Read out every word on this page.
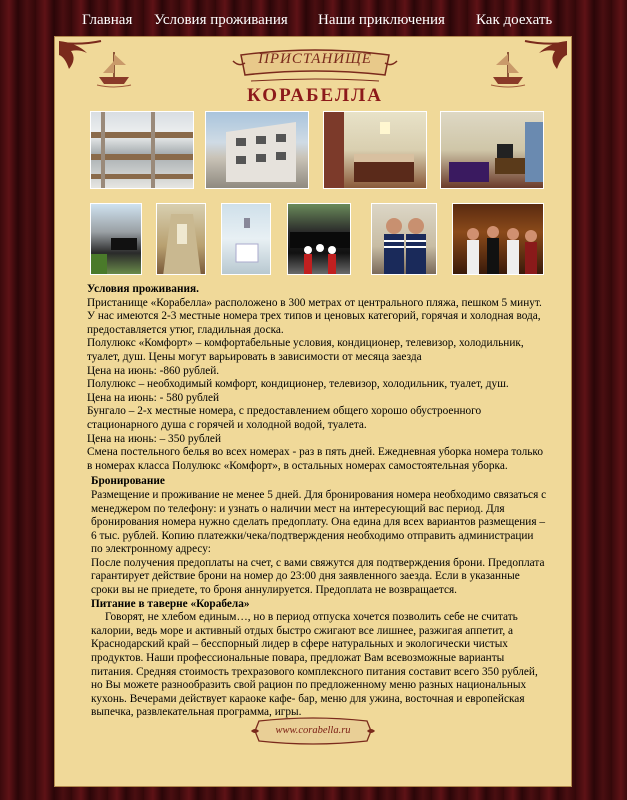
Главная Условия проживания Наши приключения Как доехать
ПРИСТАНИЩЕ
КОРАБЕЛЛА

Условия проживания.

Пристанище «Корабелла» расположено в 300 метрах от центрального пляжа, пешком 5 минут. У нас имеются 2-3 местные номера трех типов и ценовых категорий, горячая и холодная вода, предоставляется утюг, гладильная доска.

Полулюкс «Комфорт» – комфортабельные условия, кондиционер, телевизор, холодильник, туалет, душ. Цены могут варьировать в зависимости от месяца заезда

Цена на июнь: -860 рублей.

Полулюкс – необходимый комфорт, кондиционер, телевизор, холодильник, туалет, душ.

Цена на июнь: - 580 рублей

Бунгало – 2-х местные номера, с предоставлением общего хорошо обустроенного стационарного душа с горячей и холодной водой, туалета.

Цена на июнь: – 350 рублей

Смена постельного белья во всех номерах - раз в пять дней. Ежедневная уборка номера только в номерах класса Полулюкс «Комфорт», в остальных номерах самостоятельная уборка.

Бронирование

Размещение и проживание не менее 5 дней. Для бронирования номера необходимо связаться с менеджером по телефону: и узнать о наличии мест на интересующий вас период. Для бронирования номера нужно сделать предоплату. Она едина для всех вариантов размещения – 6 тыс. рублей. Копию платежки/чека/подтверждения необходимо отправить администрации по электронному адресу:

После получения предоплаты на счет, с вами свяжутся для подтверждения брони. Предоплата гарантирует действие брони на номер до 23:00 дня заявленного заезда. Если в указанные сроки вы не приедете, то броня аннулируется. Предоплата не возвращается.

Питание в таверне «Корабела»

Говорят, не хлебом единым…, но в период отпуска хочется позволить себе не считать калории, ведь море и активный отдых быстро сжигают все лишнее, разжигая аппетит, а Краснодарский край – бесспорный лидер в сфере натуральных и экологически чистых продуктов. Наши профессиональные повара, предложат Вам всевозможные варианты питания. Средняя стоимость трехразового комплексного питания составит всего 350 рублей, но Вы можете разнообразить свой рацион по предложенному меню разных национальных кухонь. Вечерами действует караоке кафе- бар, меню для ужина, восточная и европейская выпечка, развлекательная программа, игры.

www.corabella.ru
